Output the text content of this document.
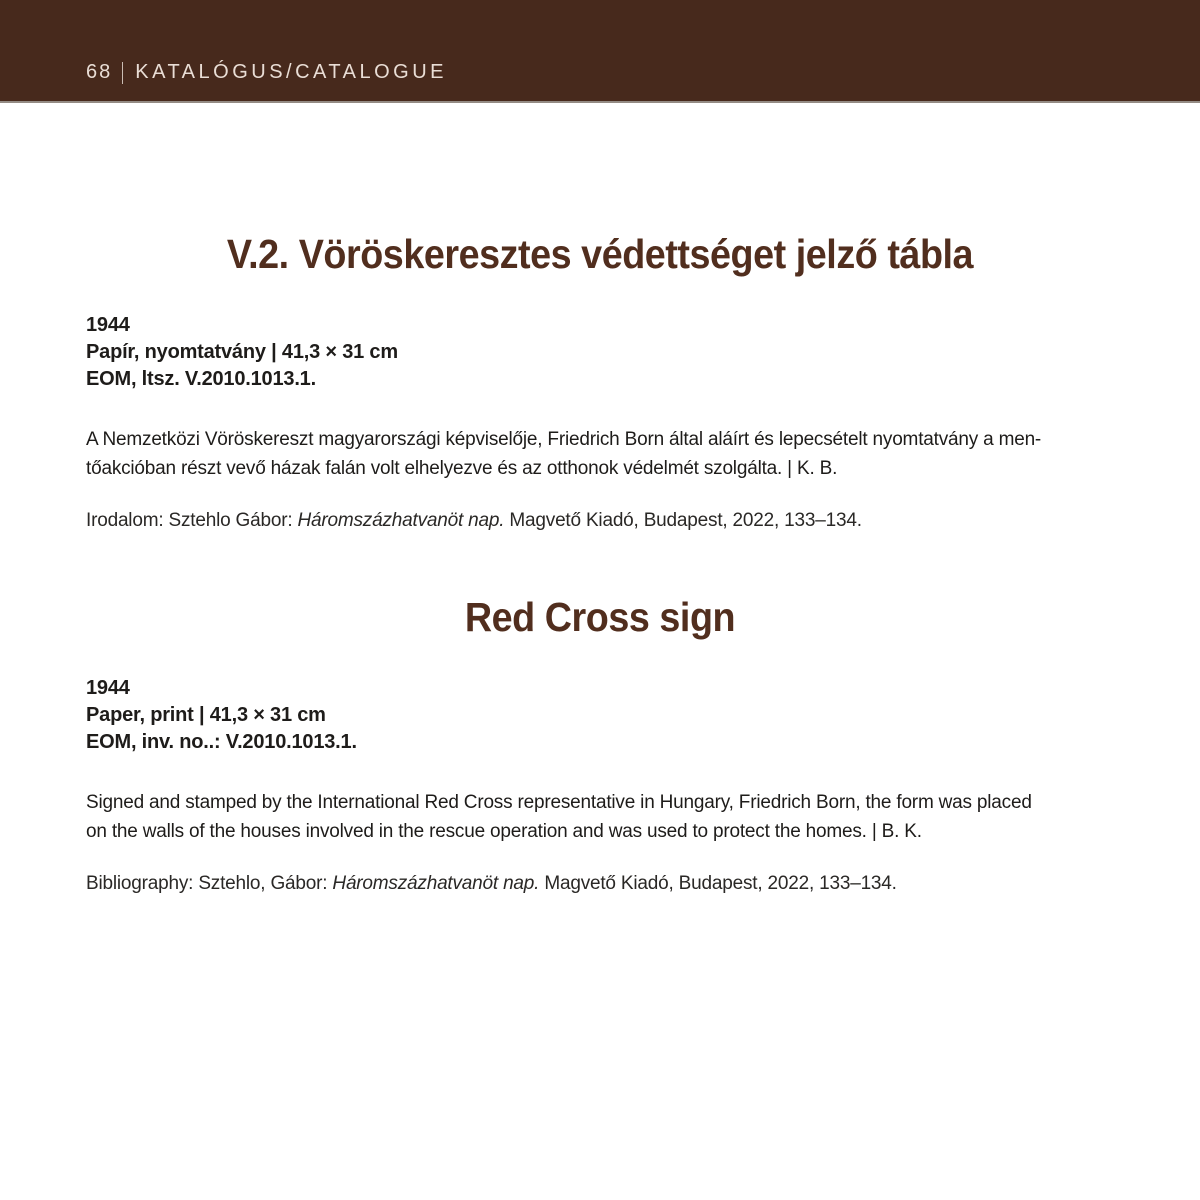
68 KATALÓGUS/CATALOGUE
V.2. Vöröskeresztes védettséget jelző tábla
1944
Papír, nyomtatvány | 41,3 × 31 cm
EOM, ltsz. V.2010.1013.1.
A Nemzetközi Vöröskereszt magyarországi képviselője, Friedrich Born által aláírt és lepecsételt nyomtatvány a men-
tőakcióban részt vevő házak falán volt elhelyezve és az otthonok védelmét szolgálta. | K. B.

Irodalom: Sztehlo Gábor: Háromszázhatvanöt nap. Magvető Kiadó, Budapest, 2022, 133–134.

Red Cross sign
1944
Paper, print | 41,3 × 31 cm
EOM, inv. no..: V.2010.1013.1.
Signed and stamped by the International Red Cross representative in Hungary, Friedrich Born, the form was placed
on the walls of the houses involved in the rescue operation and was used to protect the homes. | B. K.

Bibliography: Sztehlo, Gábor: Háromszázhatvanöt nap. Magvető Kiadó, Budapest, 2022, 133–134.
